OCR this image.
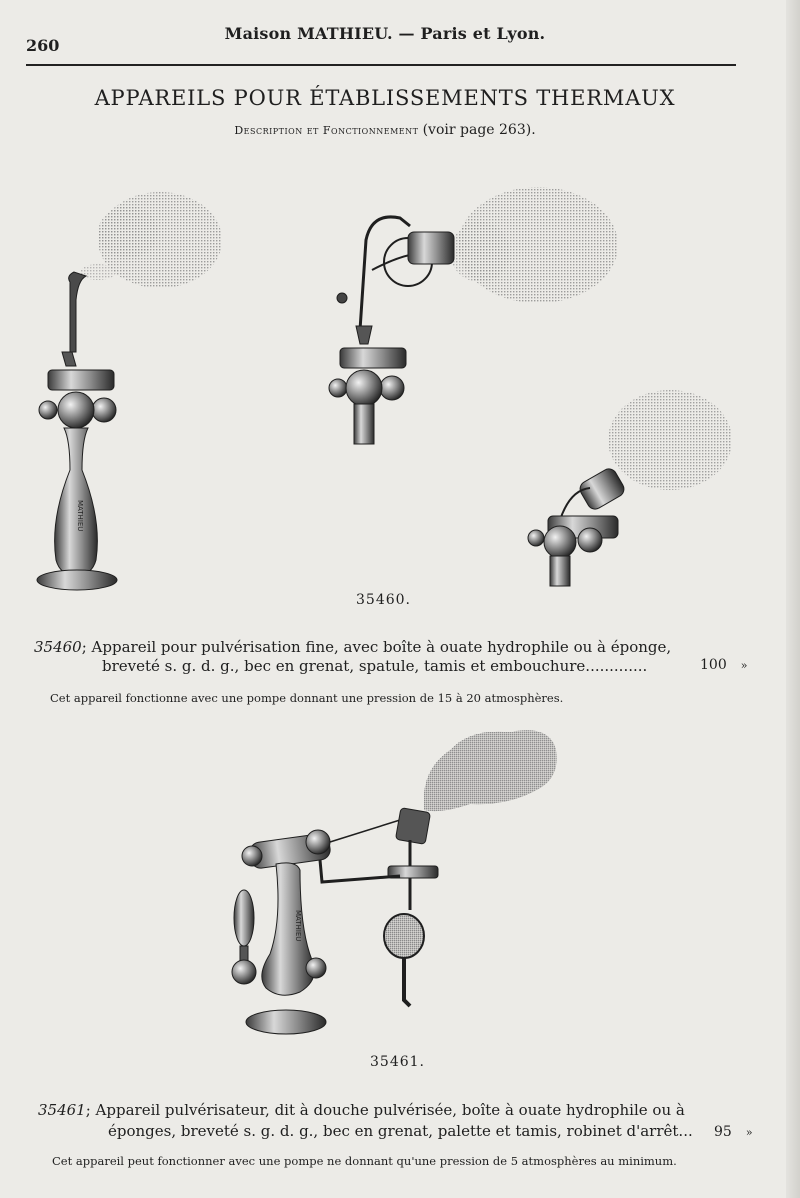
260
Maison MATHIEU. — Paris et Lyon.
APPAREILS POUR ÉTABLISSEMENTS THERMAUX
Description et Fonctionnement (voir page 263).
MATHIEU
35460.
35460; Appareil pour pulvérisation fine, avec boîte à ouate hydrophile ou à éponge,
breveté s. g. d. g., bec en grenat, spatule, tamis et embouchure.............	100 »
Cet appareil fonctionne avec une pompe donnant une pression de 15 à 20 atmosphères.
MATHIEU
35461.
35461; Appareil pulvérisateur, dit à douche pulvérisée, boîte à ouate hydrophile ou à
éponges, breveté s. g. d. g., bec en grenat, palette et tamis, robinet d'arrêt... 95 »
Cet appareil peut fonctionner avec une pompe ne donnant qu'une pression de 5 atmosphères au minimum.
